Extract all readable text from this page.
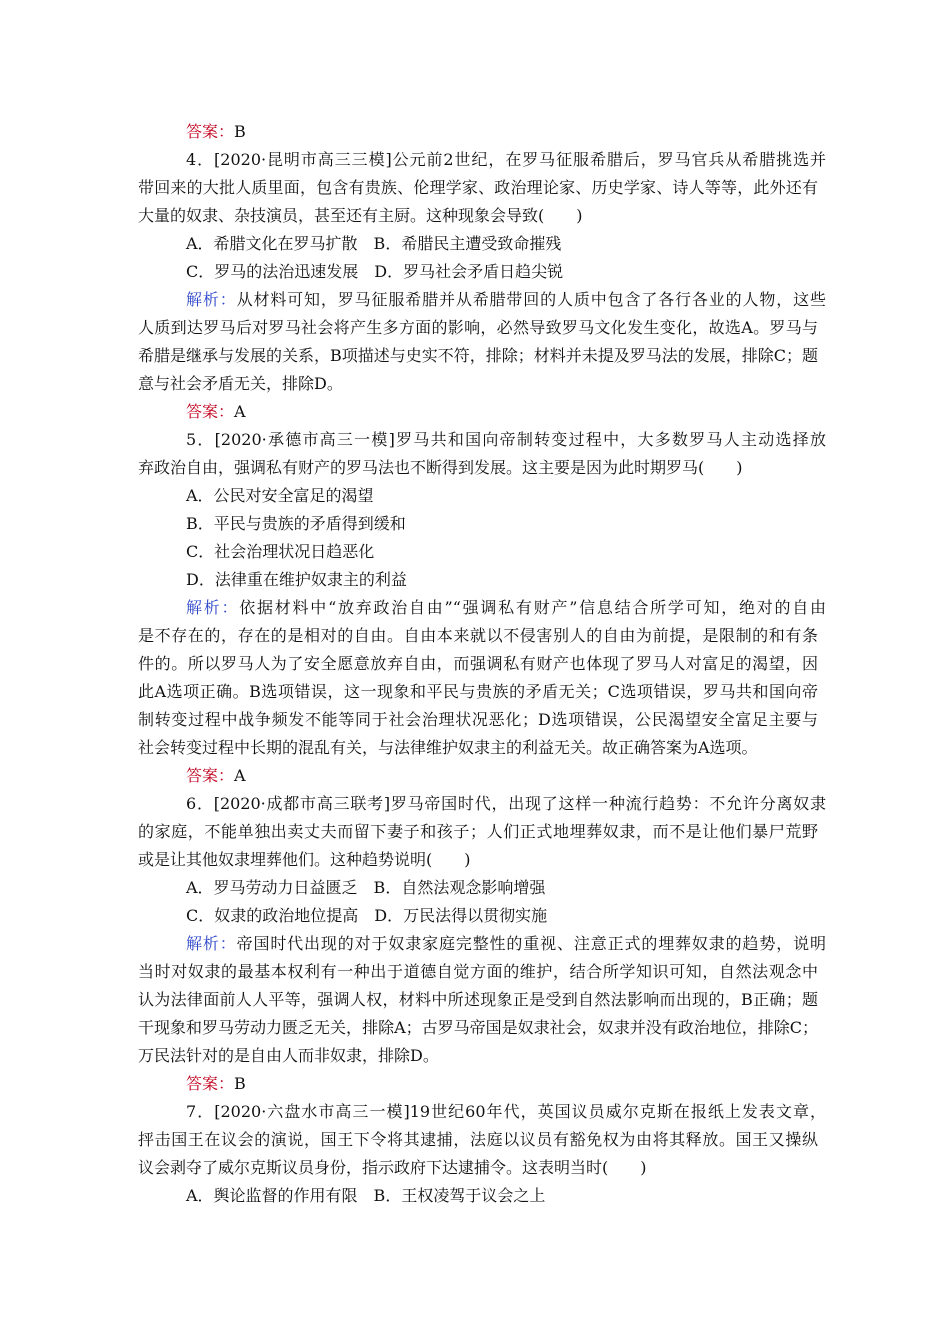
答案：B
4．[2020·昆明市高三三模]公元前2世纪，在罗马征服希腊后，罗马官兵从希腊挑选并
带回来的大批人质里面，包含有贵族、伦理学家、政治理论家、历史学家、诗人等等，此外还有
大量的奴隶、杂技演员，甚至还有主厨。这种现象会导致(　　)
A．希腊文化在罗马扩散　B．希腊民主遭受致命摧残
C．罗马的法治迅速发展　D．罗马社会矛盾日趋尖锐
解析：从材料可知，罗马征服希腊并从希腊带回的人质中包含了各行各业的人物，这些
人质到达罗马后对罗马社会将产生多方面的影响，必然导致罗马文化发生变化，故选A。罗马与
希腊是继承与发展的关系，B项描述与史实不符，排除；材料并未提及罗马法的发展，排除C；题
意与社会矛盾无关，排除D。
答案：A
5．[2020·承德市高三一模]罗马共和国向帝制转变过程中，大多数罗马人主动选择放
弃政治自由，强调私有财产的罗马法也不断得到发展。这主要是因为此时期罗马(　　)
A．公民对安全富足的渴望
B．平民与贵族的矛盾得到缓和
C．社会治理状况日趋恶化
D．法律重在维护奴隶主的利益
解析：依据材料中“放弃政治自由”“强调私有财产”信息结合所学可知，绝对的自由
是不存在的，存在的是相对的自由。自由本来就以不侵害别人的自由为前提，是限制的和有条
件的。所以罗马人为了安全愿意放弃自由，而强调私有财产也体现了罗马人对富足的渴望，因
此A选项正确。B选项错误，这一现象和平民与贵族的矛盾无关；C选项错误，罗马共和国向帝
制转变过程中战争频发不能等同于社会治理状况恶化；D选项错误，公民渴望安全富足主要与
社会转变过程中长期的混乱有关，与法律维护奴隶主的利益无关。故正确答案为A选项。
答案：A
6．[2020·成都市高三联考]罗马帝国时代，出现了这样一种流行趋势：不允许分离奴隶
的家庭，不能单独出卖丈夫而留下妻子和孩子；人们正式地埋葬奴隶，而不是让他们暴尸荒野
或是让其他奴隶埋葬他们。这种趋势说明(　　)
A．罗马劳动力日益匮乏　B．自然法观念影响增强
C．奴隶的政治地位提高　D．万民法得以贯彻实施
解析：帝国时代出现的对于奴隶家庭完整性的重视、注意正式的埋葬奴隶的趋势，说明
当时对奴隶的最基本权利有一种出于道德自觉方面的维护，结合所学知识可知，自然法观念中
认为法律面前人人平等，强调人权，材料中所述现象正是受到自然法影响而出现的，B正确；题
干现象和罗马劳动力匮乏无关，排除A；古罗马帝国是奴隶社会，奴隶并没有政治地位，排除C；
万民法针对的是自由人而非奴隶，排除D。
答案：B
7．[2020·六盘水市高三一模]19世纪60年代，英国议员威尔克斯在报纸上发表文章，
抨击国王在议会的演说，国王下令将其逮捕，法庭以议员有豁免权为由将其释放。国王又操纵
议会剥夺了威尔克斯议员身份，指示政府下达逮捕令。这表明当时(　　)
A．舆论监督的作用有限　B．王权凌驾于议会之上
